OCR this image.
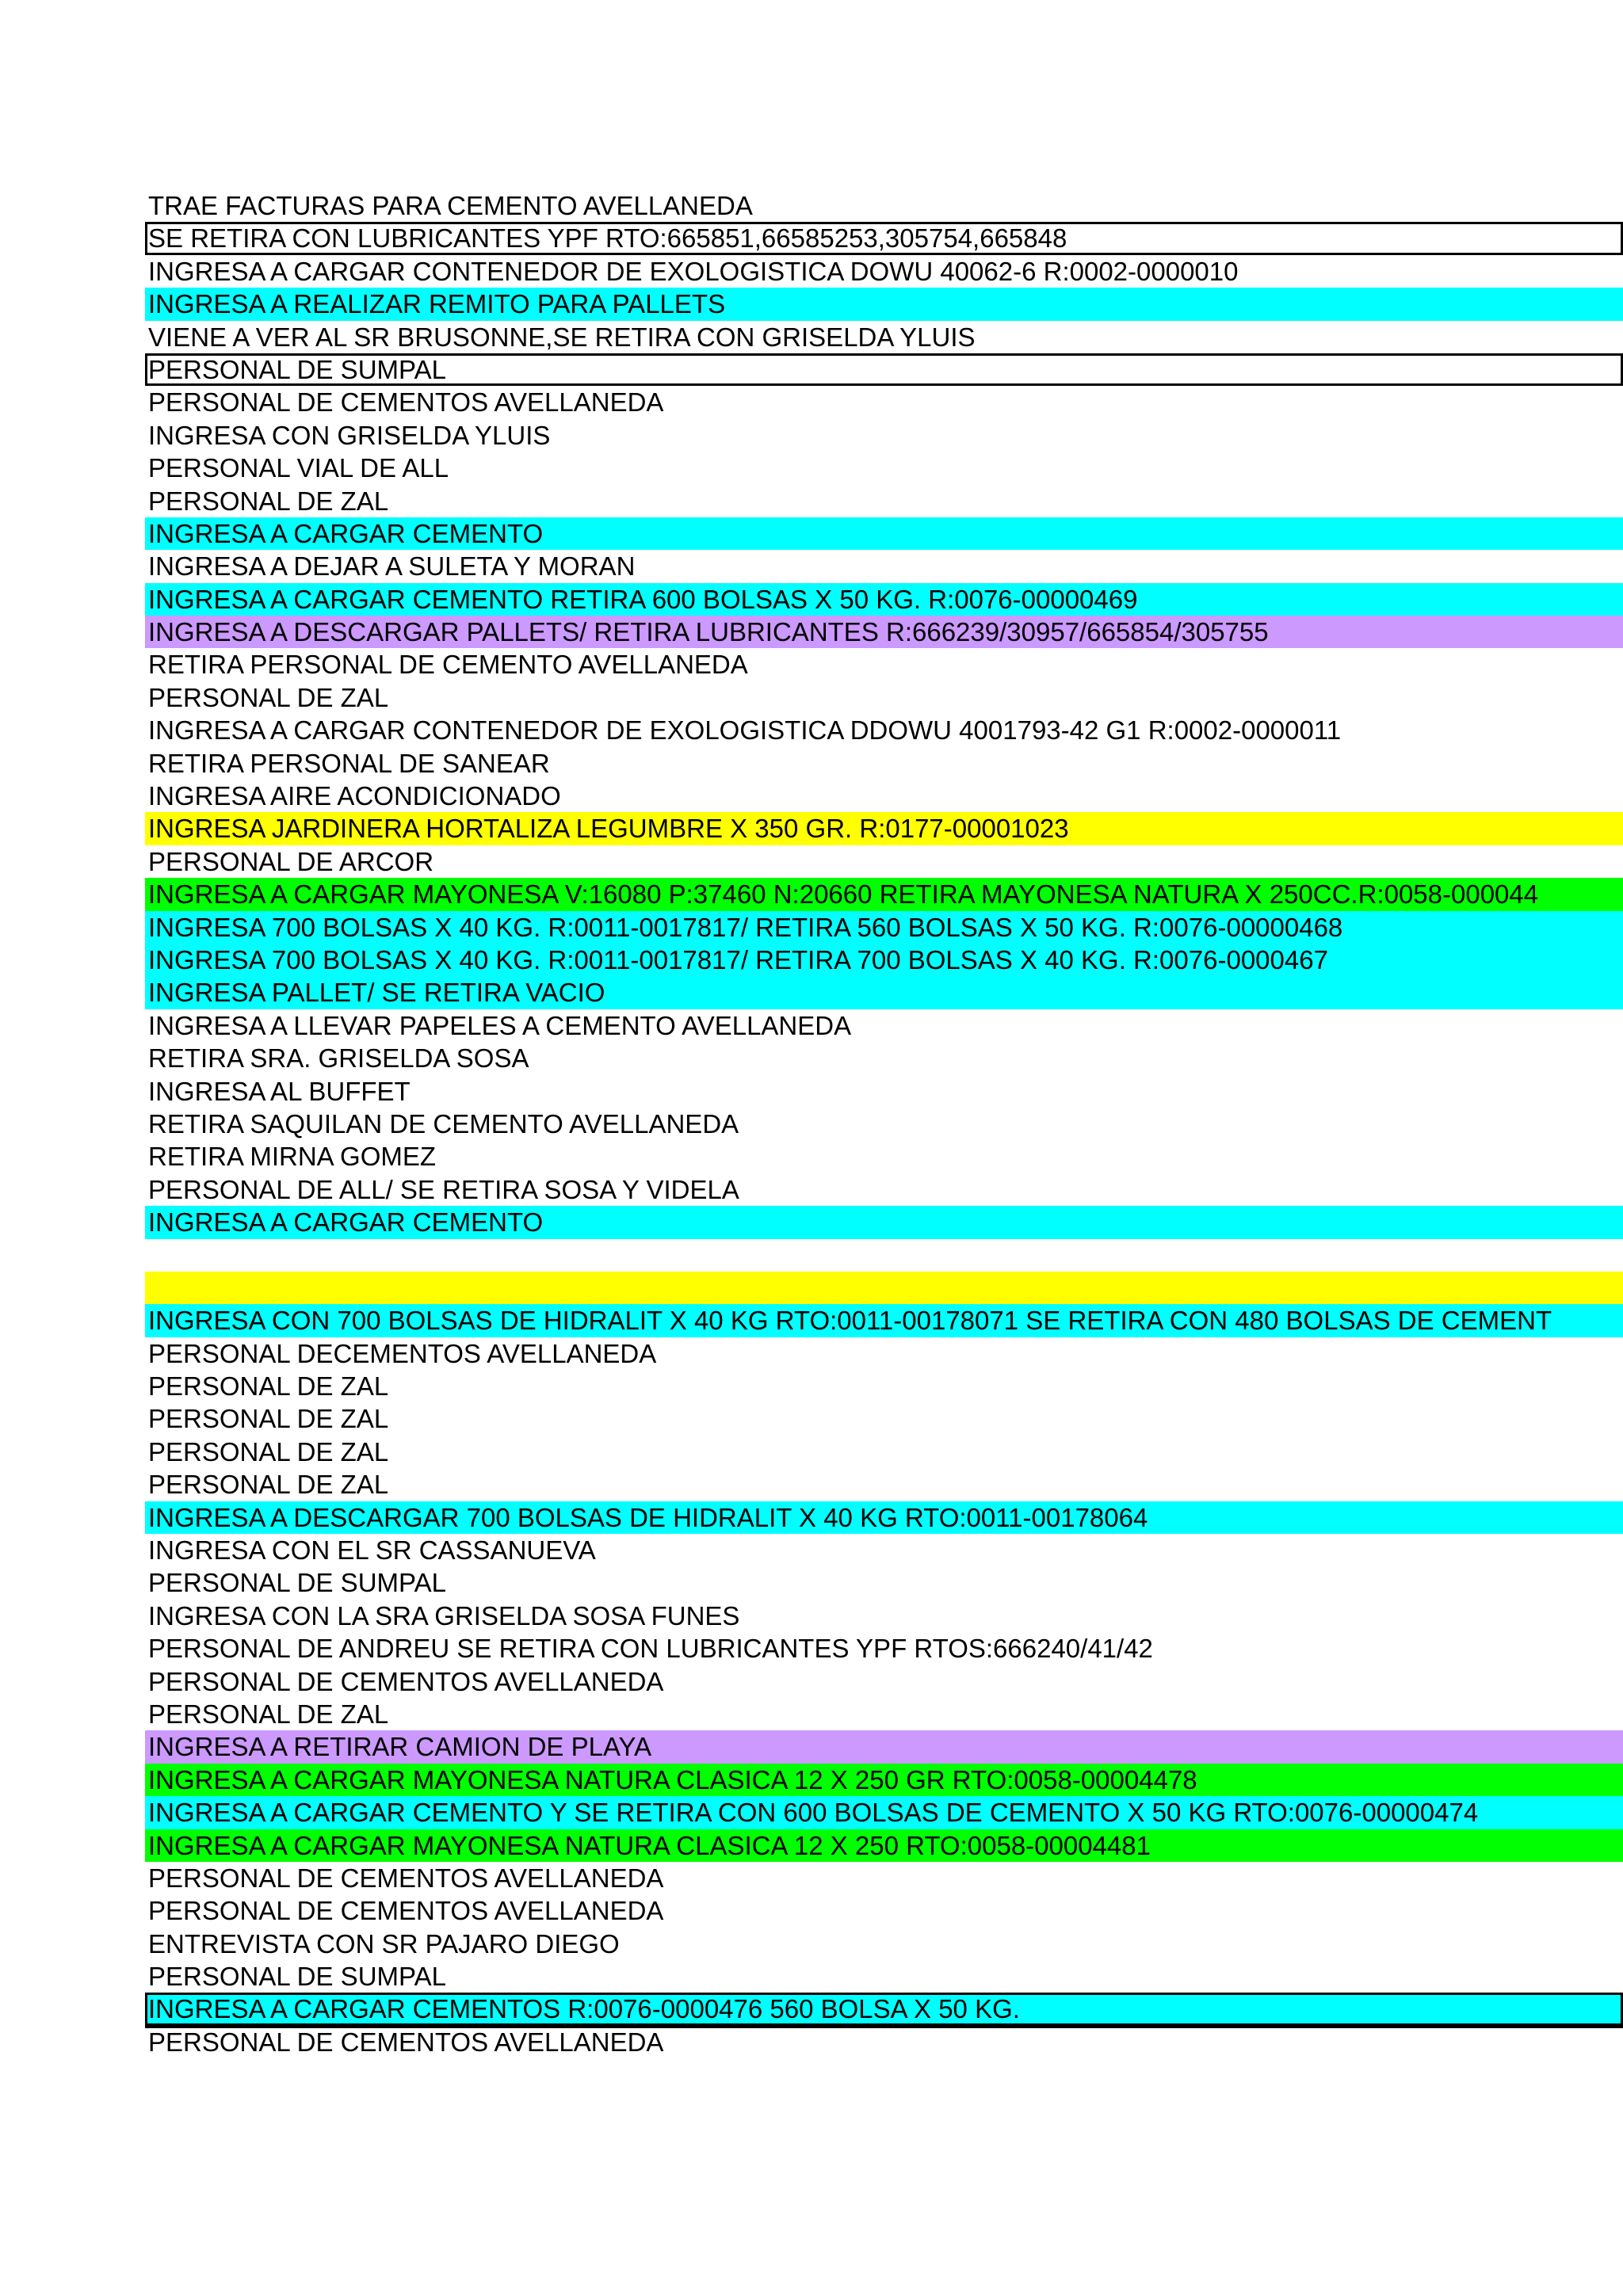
TRAE FACTURAS PARA CEMENTO AVELLANEDA
SE RETIRA CON LUBRICANTES YPF RTO:665851,66585253,305754,665848
INGRESA A CARGAR CONTENEDOR DE EXOLOGISTICA DOWU 40062-6 R:0002-0000010
INGRESA A REALIZAR REMITO PARA PALLETS
VIENE A VER AL SR BRUSONNE,SE RETIRA CON GRISELDA YLUIS
PERSONAL DE SUMPAL
PERSONAL DE CEMENTOS AVELLANEDA
INGRESA CON GRISELDA YLUIS
PERSONAL VIAL DE ALL
PERSONAL DE ZAL
INGRESA A CARGAR CEMENTO
INGRESA A DEJAR A SULETA Y MORAN
INGRESA A CARGAR CEMENTO RETIRA 600 BOLSAS X 50 KG. R:0076-00000469
INGRESA A DESCARGAR PALLETS/ RETIRA LUBRICANTES R:666239/30957/665854/305755
RETIRA PERSONAL DE CEMENTO AVELLANEDA
PERSONAL DE ZAL
INGRESA A CARGAR CONTENEDOR DE EXOLOGISTICA DDOWU 4001793-42 G1 R:0002-0000011
RETIRA PERSONAL DE SANEAR
INGRESA AIRE ACONDICIONADO
INGRESA JARDINERA HORTALIZA LEGUMBRE X 350 GR. R:0177-00001023
PERSONAL DE ARCOR
INGRESA A CARGAR MAYONESA V:16080 P:37460 N:20660 RETIRA MAYONESA NATURA X 250CC.R:0058-000044
INGRESA 700 BOLSAS X 40 KG. R:0011-0017817/ RETIRA 560 BOLSAS X 50 KG. R:0076-00000468
INGRESA 700 BOLSAS X 40 KG. R:0011-0017817/ RETIRA 700 BOLSAS X 40 KG. R:0076-0000467
INGRESA PALLET/ SE RETIRA VACIO
INGRESA A LLEVAR PAPELES A CEMENTO AVELLANEDA
RETIRA SRA. GRISELDA SOSA
INGRESA AL BUFFET
RETIRA SAQUILAN DE CEMENTO AVELLANEDA
RETIRA MIRNA GOMEZ
PERSONAL DE ALL/ SE RETIRA SOSA Y VIDELA
INGRESA A CARGAR CEMENTO
INGRESA CON 700 BOLSAS DE HIDRALIT X 40 KG RTO:0011-00178071 SE RETIRA CON 480 BOLSAS DE CEMENT
PERSONAL DECEMENTOS AVELLANEDA
PERSONAL DE ZAL
PERSONAL DE ZAL
PERSONAL DE ZAL
PERSONAL DE ZAL
INGRESA A DESCARGAR 700 BOLSAS DE HIDRALIT X 40 KG RTO:0011-00178064
INGRESA CON EL SR CASSANUEVA
PERSONAL DE SUMPAL
INGRESA CON LA SRA GRISELDA SOSA FUNES
PERSONAL DE ANDREU SE RETIRA CON LUBRICANTES YPF RTOS:666240/41/42
PERSONAL DE CEMENTOS AVELLANEDA
PERSONAL DE ZAL
INGRESA A RETIRAR CAMION DE PLAYA
INGRESA A CARGAR MAYONESA NATURA CLASICA 12 X 250 GR RTO:0058-00004478
INGRESA A CARGAR CEMENTO Y SE RETIRA CON 600 BOLSAS DE CEMENTO X 50 KG RTO:0076-00000474
INGRESA A CARGAR MAYONESA NATURA CLASICA 12 X 250 RTO:0058-00004481
PERSONAL DE CEMENTOS AVELLANEDA
PERSONAL DE CEMENTOS AVELLANEDA
ENTREVISTA CON SR PAJARO DIEGO
PERSONAL DE SUMPAL
INGRESA A CARGAR CEMENTOS R:0076-0000476 560 BOLSA X 50 KG.
PERSONAL DE CEMENTOS AVELLANEDA
